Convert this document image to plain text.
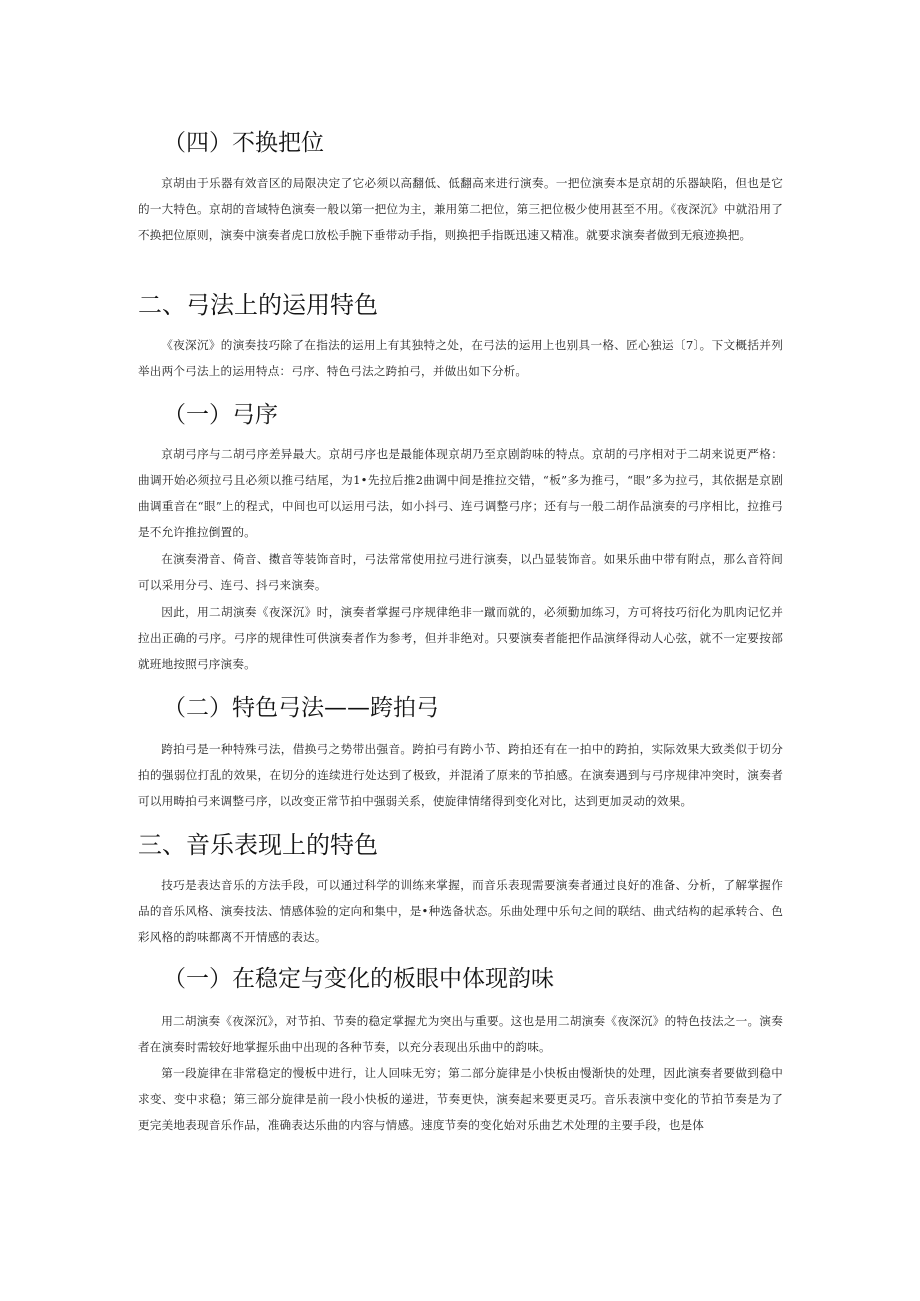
（四）不换把位

京胡由于乐器有效音区的局限决定了它必须以高翻低、低翻高来进行演奏。一把位演奏本是京胡的乐器缺陷，但也是它的一大特色。京胡的音域特色演奏一般以第一把位为主，兼用第二把位，第三把位极少使用甚至不用。《夜深沉》中就沿用了不换把位原则，演奏中演奏者虎口放松手腕下垂带动手指，则换把手指既迅速又精准。就要求演奏者做到无痕迹换把。

二、弓法上的运用特色

《夜深沉》的演奏技巧除了在指法的运用上有其独特之处，在弓法的运用上也别具一格、匠心独运〔7〕。下文概括并列举出两个弓法上的运用特点：弓序、特色弓法之跨拍弓，并做出如下分析。

（一）弓序

京胡弓序与二胡弓序差异最大。京胡弓序也是最能体现京胡乃至京剧韵味的特点。京胡的弓序相对于二胡来说更严格：曲调开始必须拉弓且必须以推弓结尾，为1•先拉后推2曲调中间是推拉交错，“板”多为推弓，“眼”多为拉弓，其依据是京剧曲调重音在“眼”上的程式，中间也可以运用弓法，如小抖弓、连弓调整弓序；还有与一般二胡作品演奏的弓序相比，拉推弓是不允许推拉倒置的。

在演奏滑音、倚音、擞音等装饰音时，弓法常常使用拉弓进行演奏，以凸显装饰音。如果乐曲中带有附点，那么音符间可以采用分弓、连弓、抖弓来演奏。

因此，用二胡演奏《夜深沉》时，演奏者掌握弓序规律绝非一蹴而就的，必须勤加练习，方可将技巧衍化为肌肉记忆并拉出正确的弓序。弓序的规律性可供演奏者作为参考，但并非绝对。只要演奏者能把作品演绎得动人心弦，就不一定要按部就班地按照弓序演奏。

（二）特色弓法——跨拍弓

跨拍弓是一种特殊弓法，借换弓之势带出强音。跨拍弓有跨小节、跨拍还有在一拍中的跨拍，实际效果大致类似于切分拍的强弱位打乱的效果，在切分的连续进行处达到了极致，并混淆了原来的节拍感。在演奏遇到与弓序规律冲突时，演奏者可以用畴拍弓来调整弓序，以改变正常节拍中强弱关系，使旋律情绪得到变化对比，达到更加灵动的效果。

三、音乐表现上的特色

技巧是表达音乐的方法手段，可以通过科学的训练来掌握，而音乐表现需要演奏者通过良好的准备、分析，了解掌握作品的音乐风格、演奏技法、情感体验的定向和集中，是•种选备状态。乐曲处理中乐句之间的联结、曲式结构的起承转合、色彩风格的韵味都离不开情感的表达。

（一）在稳定与变化的板眼中体现韵味

用二胡演奏《夜深沉》，对节拍、节奏的稳定掌握尤为突出与重要。这也是用二胡演奏《夜深沉》的特色技法之一。演奏者在演奏时需较好地掌握乐曲中出现的各种节奏，以充分表现出乐曲中的韵味。

第一段旋律在非常稳定的慢板中进行，让人回味无穷；第二部分旋律是小快板由慢渐快的处理，因此演奏者要做到稳中求变、变中求稳；第三部分旋律是前一段小快板的递进，节奏更快，演奏起来要更灵巧。音乐表演中变化的节拍节奏是为了更完美地表现音乐作品，准确表达乐曲的内容与情感。速度节奏的变化始对乐曲艺术处理的主要手段，也是体
